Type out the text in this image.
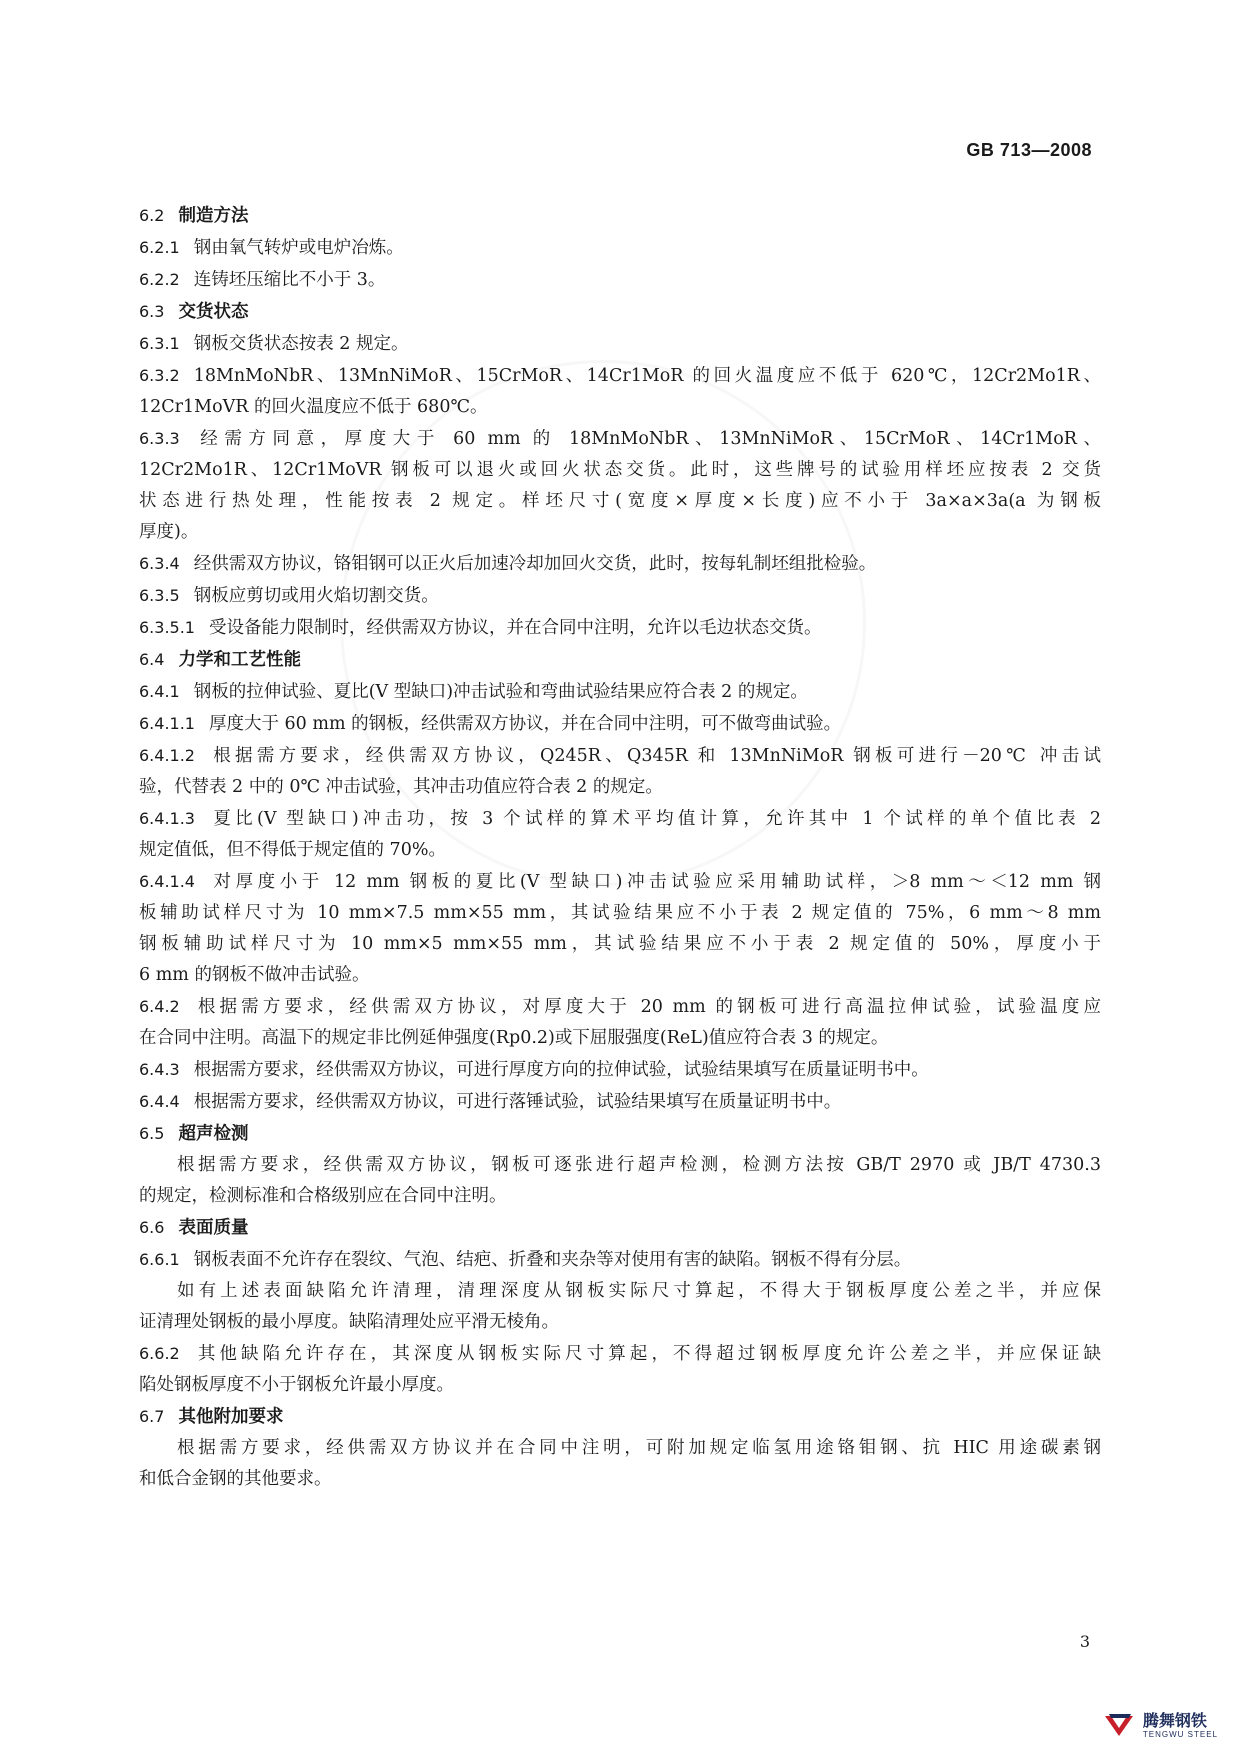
GB 713—2008
6.2 制造方法
6.2.1 钢由氧气转炉或电炉冶炼。
6.2.2 连铸坯压缩比不小于 3。
6.3 交货状态
6.3.1 钢板交货状态按表 2 规定。
6.3.2 18MnMoNbR、13MnNiMoR、15CrMoR、14Cr1MoR 的回火温度应不低于 620℃，12Cr2Mo1R、
12Cr1MoVR 的回火温度应不低于 680℃。
6.3.3 经需方同意，厚度大于 60 mm 的 18MnMoNbR、13MnNiMoR、15CrMoR、14Cr1MoR、
12Cr2Mo1R、12Cr1MoVR 钢板可以退火或回火状态交货。此时，这些牌号的试验用样坯应按表 2 交货
状态进行热处理，性能按表 2 规定。样坯尺寸(宽度×厚度×长度)应不小于 3a×a×3a(a 为钢板
厚度)。
6.3.4 经供需双方协议，铬钼钢可以正火后加速冷却加回火交货，此时，按每轧制坯组批检验。
6.3.5 钢板应剪切或用火焰切割交货。
6.3.5.1 受设备能力限制时，经供需双方协议，并在合同中注明，允许以毛边状态交货。
6.4 力学和工艺性能
6.4.1 钢板的拉伸试验、夏比(V 型缺口)冲击试验和弯曲试验结果应符合表 2 的规定。
6.4.1.1 厚度大于 60 mm 的钢板，经供需双方协议，并在合同中注明，可不做弯曲试验。
6.4.1.2 根据需方要求，经供需双方协议，Q245R、Q345R 和 13MnNiMoR 钢板可进行－20℃ 冲击试
验，代替表 2 中的 0℃ 冲击试验，其冲击功值应符合表 2 的规定。
6.4.1.3 夏比(V 型缺口)冲击功，按 3 个试样的算术平均值计算，允许其中 1 个试样的单个值比表 2
规定值低，但不得低于规定值的 70%。
6.4.1.4 对厚度小于 12 mm 钢板的夏比(V 型缺口)冲击试验应采用辅助试样，＞8 mm～＜12 mm 钢
板辅助试样尺寸为 10 mm×7.5 mm×55 mm，其试验结果应不小于表 2 规定值的 75%，6 mm～8 mm
钢板辅助试样尺寸为 10 mm×5 mm×55 mm，其试验结果应不小于表 2 规定值的 50%，厚度小于
6 mm 的钢板不做冲击试验。
6.4.2 根据需方要求，经供需双方协议，对厚度大于 20 mm 的钢板可进行高温拉伸试验，试验温度应
在合同中注明。高温下的规定非比例延伸强度(Rp0.2)或下屈服强度(ReL)值应符合表 3 的规定。
6.4.3 根据需方要求，经供需双方协议，可进行厚度方向的拉伸试验，试验结果填写在质量证明书中。
6.4.4 根据需方要求，经供需双方协议，可进行落锤试验，试验结果填写在质量证明书中。
6.5 超声检测
根据需方要求，经供需双方协议，钢板可逐张进行超声检测，检测方法按 GB/T 2970 或 JB/T 4730.3
的规定，检测标准和合格级别应在合同中注明。
6.6 表面质量
6.6.1 钢板表面不允许存在裂纹、气泡、结疤、折叠和夹杂等对使用有害的缺陷。钢板不得有分层。
如有上述表面缺陷允许清理，清理深度从钢板实际尺寸算起，不得大于钢板厚度公差之半，并应保
证清理处钢板的最小厚度。缺陷清理处应平滑无棱角。
6.6.2 其他缺陷允许存在，其深度从钢板实际尺寸算起，不得超过钢板厚度允许公差之半，并应保证缺
陷处钢板厚度不小于钢板允许最小厚度。
6.7 其他附加要求
根据需方要求，经供需双方协议并在合同中注明，可附加规定临氢用途铬钼钢、抗 HIC 用途碳素钢
和低合金钢的其他要求。
3
腾舞钢铁
TENGWU STEEL
